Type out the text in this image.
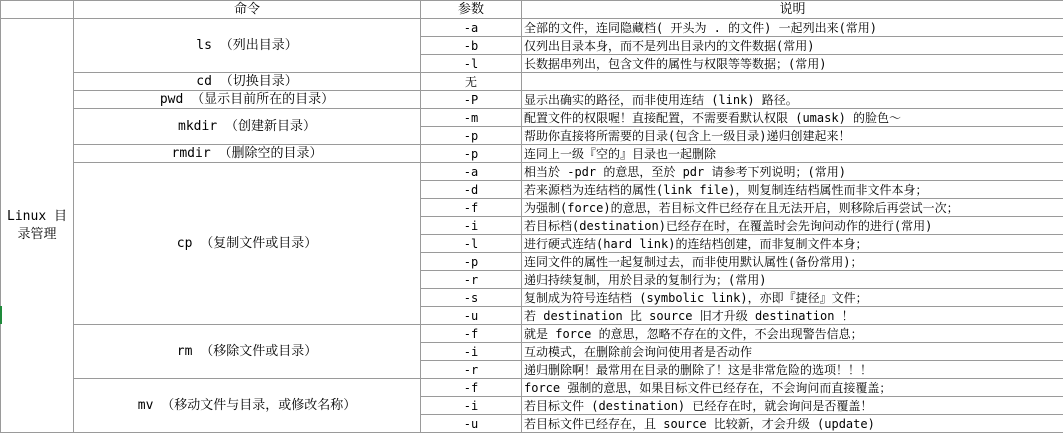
	命令	参数	说明
Linux 目录管理	ls （列出目录）	-a	全部的文件，连同隐藏档( 开头为 . 的文件) 一起列出来(常用)
		-b	仅列出目录本身，而不是列出目录内的文件数据(常用)
		-l	长数据串列出，包含文件的属性与权限等等数据；(常用)
	cd （切换目录）	无	
	pwd （显示目前所在的目录）	-P	显示出确实的路径，而非使用连结 (link) 路径。
	mkdir （创建新目录）	-m	配置文件的权限喔！直接配置，不需要看默认权限 (umask) 的脸色～
		-p	帮助你直接将所需要的目录(包含上一级目录)递归创建起来！
	rmdir （删除空的目录）	-p	连同上一级『空的』目录也一起删除
	cp （复制文件或目录）	-a	相当於 -pdr 的意思，至於 pdr 请参考下列说明；(常用)
		-d	若来源档为连结档的属性(link file)，则复制连结档属性而非文件本身；
		-f	为强制(force)的意思，若目标文件已经存在且无法开启，则移除后再尝试一次；
		-i	若目标档(destination)已经存在时，在覆盖时会先询问动作的进行(常用)
		-l	进行硬式连结(hard link)的连结档创建，而非复制文件本身；
		-p	连同文件的属性一起复制过去，而非使用默认属性(备份常用)；
		-r	递归持续复制，用於目录的复制行为；(常用)
		-s	复制成为符号连结档 (symbolic link)，亦即『捷径』文件；
		-u	若 destination 比 source 旧才升级 destination ！
	rm （移除文件或目录）	-f	就是 force 的意思，忽略不存在的文件，不会出现警告信息；
		-i	互动模式，在删除前会询问使用者是否动作
		-r	递归删除啊！最常用在目录的删除了！这是非常危险的选项！！！
	mv （移动文件与目录，或修改名称）	-f	force 强制的意思，如果目标文件已经存在，不会询问而直接覆盖；
		-i	若目标文件 (destination) 已经存在时，就会询问是否覆盖！
		-u	若目标文件已经存在，且 source 比较新，才会升级 (update)
